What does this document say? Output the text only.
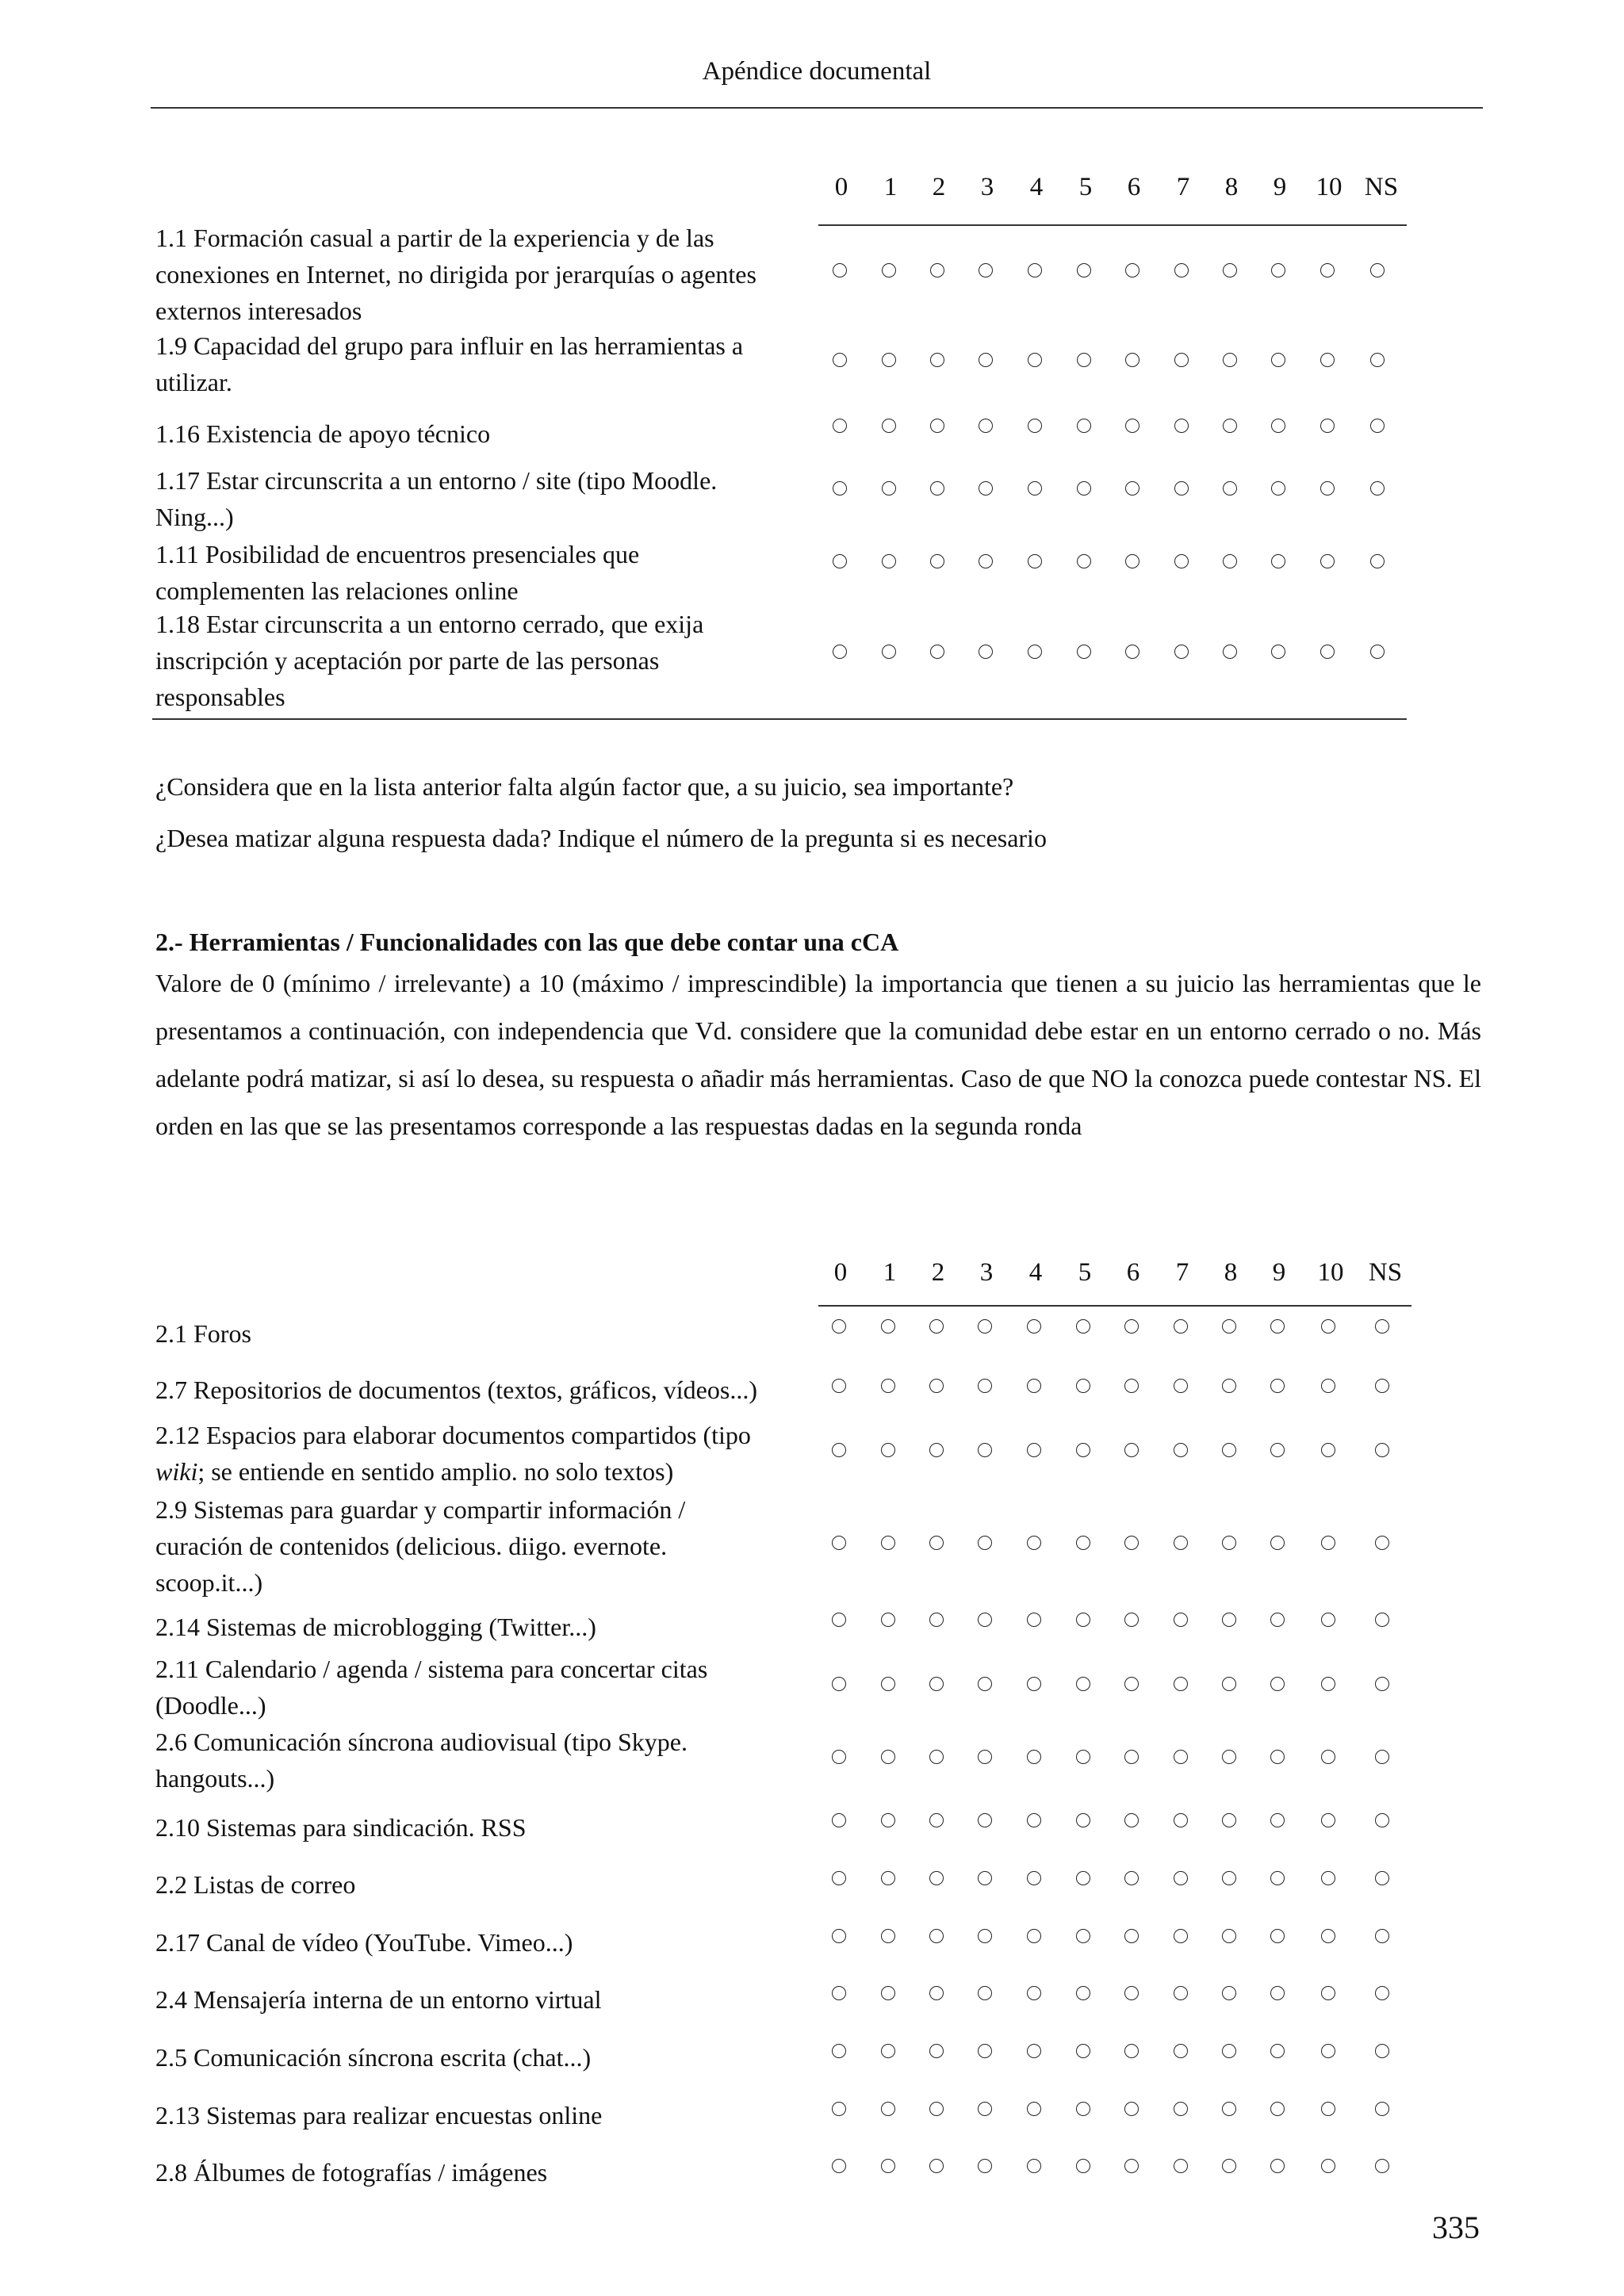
Apéndice documental
0 1 2 3 4 5 6 7 8 9 10 NS
1.1 Formación casual a partir de la experiencia y de las
conexiones en Internet, no dirigida por jerarquías o agentes
externos interesados
1.9 Capacidad del grupo para influir en las herramientas a
utilizar.
1.16 Existencia de apoyo técnico
1.17 Estar circunscrita a un entorno / site (tipo Moodle.
Ning...)
1.11 Posibilidad de encuentros presenciales que
complementen las relaciones online
1.18 Estar circunscrita a un entorno cerrado, que exija
inscripción y aceptación por parte de las personas
responsables
¿Considera que en la lista anterior falta algún factor que, a su juicio, sea importante?
¿Desea matizar alguna respuesta dada? Indique el número de la pregunta si es necesario
2.- Herramientas / Funcionalidades con las que debe contar una cCA
Valore de 0 (mínimo / irrelevante) a 10 (máximo / imprescindible) la importancia que tienen a su juicio las herramientas que le presentamos a continuación, con independencia que Vd. considere que la comunidad debe estar en un entorno cerrado o no. Más adelante podrá matizar, si así lo desea, su respuesta o añadir más herramientas. Caso de que NO la conozca puede contestar NS. El orden en las que se las presentamos corresponde a las respuestas dadas en la segunda ronda
0 1 2 3 4 5 6 7 8 9 10 NS
2.1 Foros
2.7 Repositorios de documentos (textos, gráficos, vídeos...)
2.12 Espacios para elaborar documentos compartidos (tipo
wiki; se entiende en sentido amplio. no solo textos)
2.9 Sistemas para guardar y compartir información /
curación de contenidos (delicious. diigo. evernote.
scoop.it...)
2.14 Sistemas de microblogging (Twitter...)
2.11 Calendario / agenda / sistema para concertar citas
(Doodle...)
2.6 Comunicación síncrona audiovisual (tipo Skype.
hangouts...)
2.10 Sistemas para sindicación. RSS
2.2 Listas de correo
2.17 Canal de vídeo (YouTube. Vimeo...)
2.4 Mensajería interna de un entorno virtual
2.5 Comunicación síncrona escrita (chat...)
2.13 Sistemas para realizar encuestas online
2.8 Álbumes de fotografías / imágenes
335
